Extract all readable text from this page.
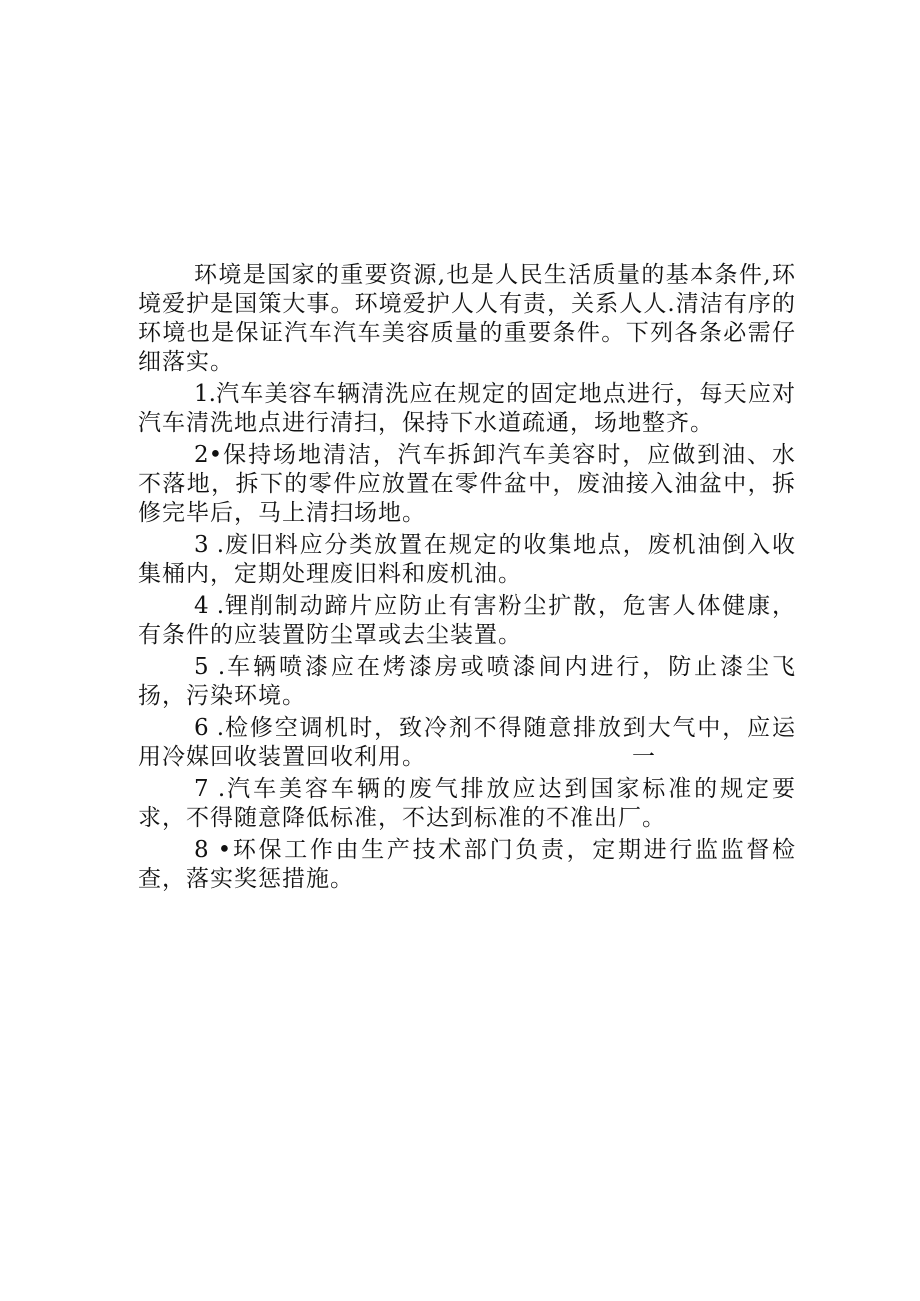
环境是国家的重要资源,也是人民生活质量的基本条件,环境爱护是国策大事。环境爱护人人有责，关系人人.清洁有序的环境也是保证汽车汽车美容质量的重要条件。下列各条必需仔细落实。

1.汽车美容车辆清洗应在规定的固定地点进行，每天应对汽车清洗地点进行清扫，保持下水道疏通，场地整齐。

2•保持场地清洁，汽车拆卸汽车美容时，应做到油、水不落地，拆下的零件应放置在零件盆中，废油接入油盆中，拆修完毕后，马上清扫场地。

3 .废旧料应分类放置在规定的收集地点，废机油倒入收集桶内，定期处理废旧料和废机油。

4 .锂削制动蹄片应防止有害粉尘扩散，危害人体健康，有条件的应装置防尘罩或去尘装置。

5 .车辆喷漆应在烤漆房或喷漆间内进行，防止漆尘飞扬，污染环境。

6 .检修空调机时，致冷剂不得随意排放到大气中，应运用冷媒回收装置回收利用。	一

7 .汽车美容车辆的废气排放应达到国家标准的规定要求，不得随意降低标准，不达到标准的不准出厂。

8 •环保工作由生产技术部门负责，定期进行监监督检查，落实奖惩措施。
